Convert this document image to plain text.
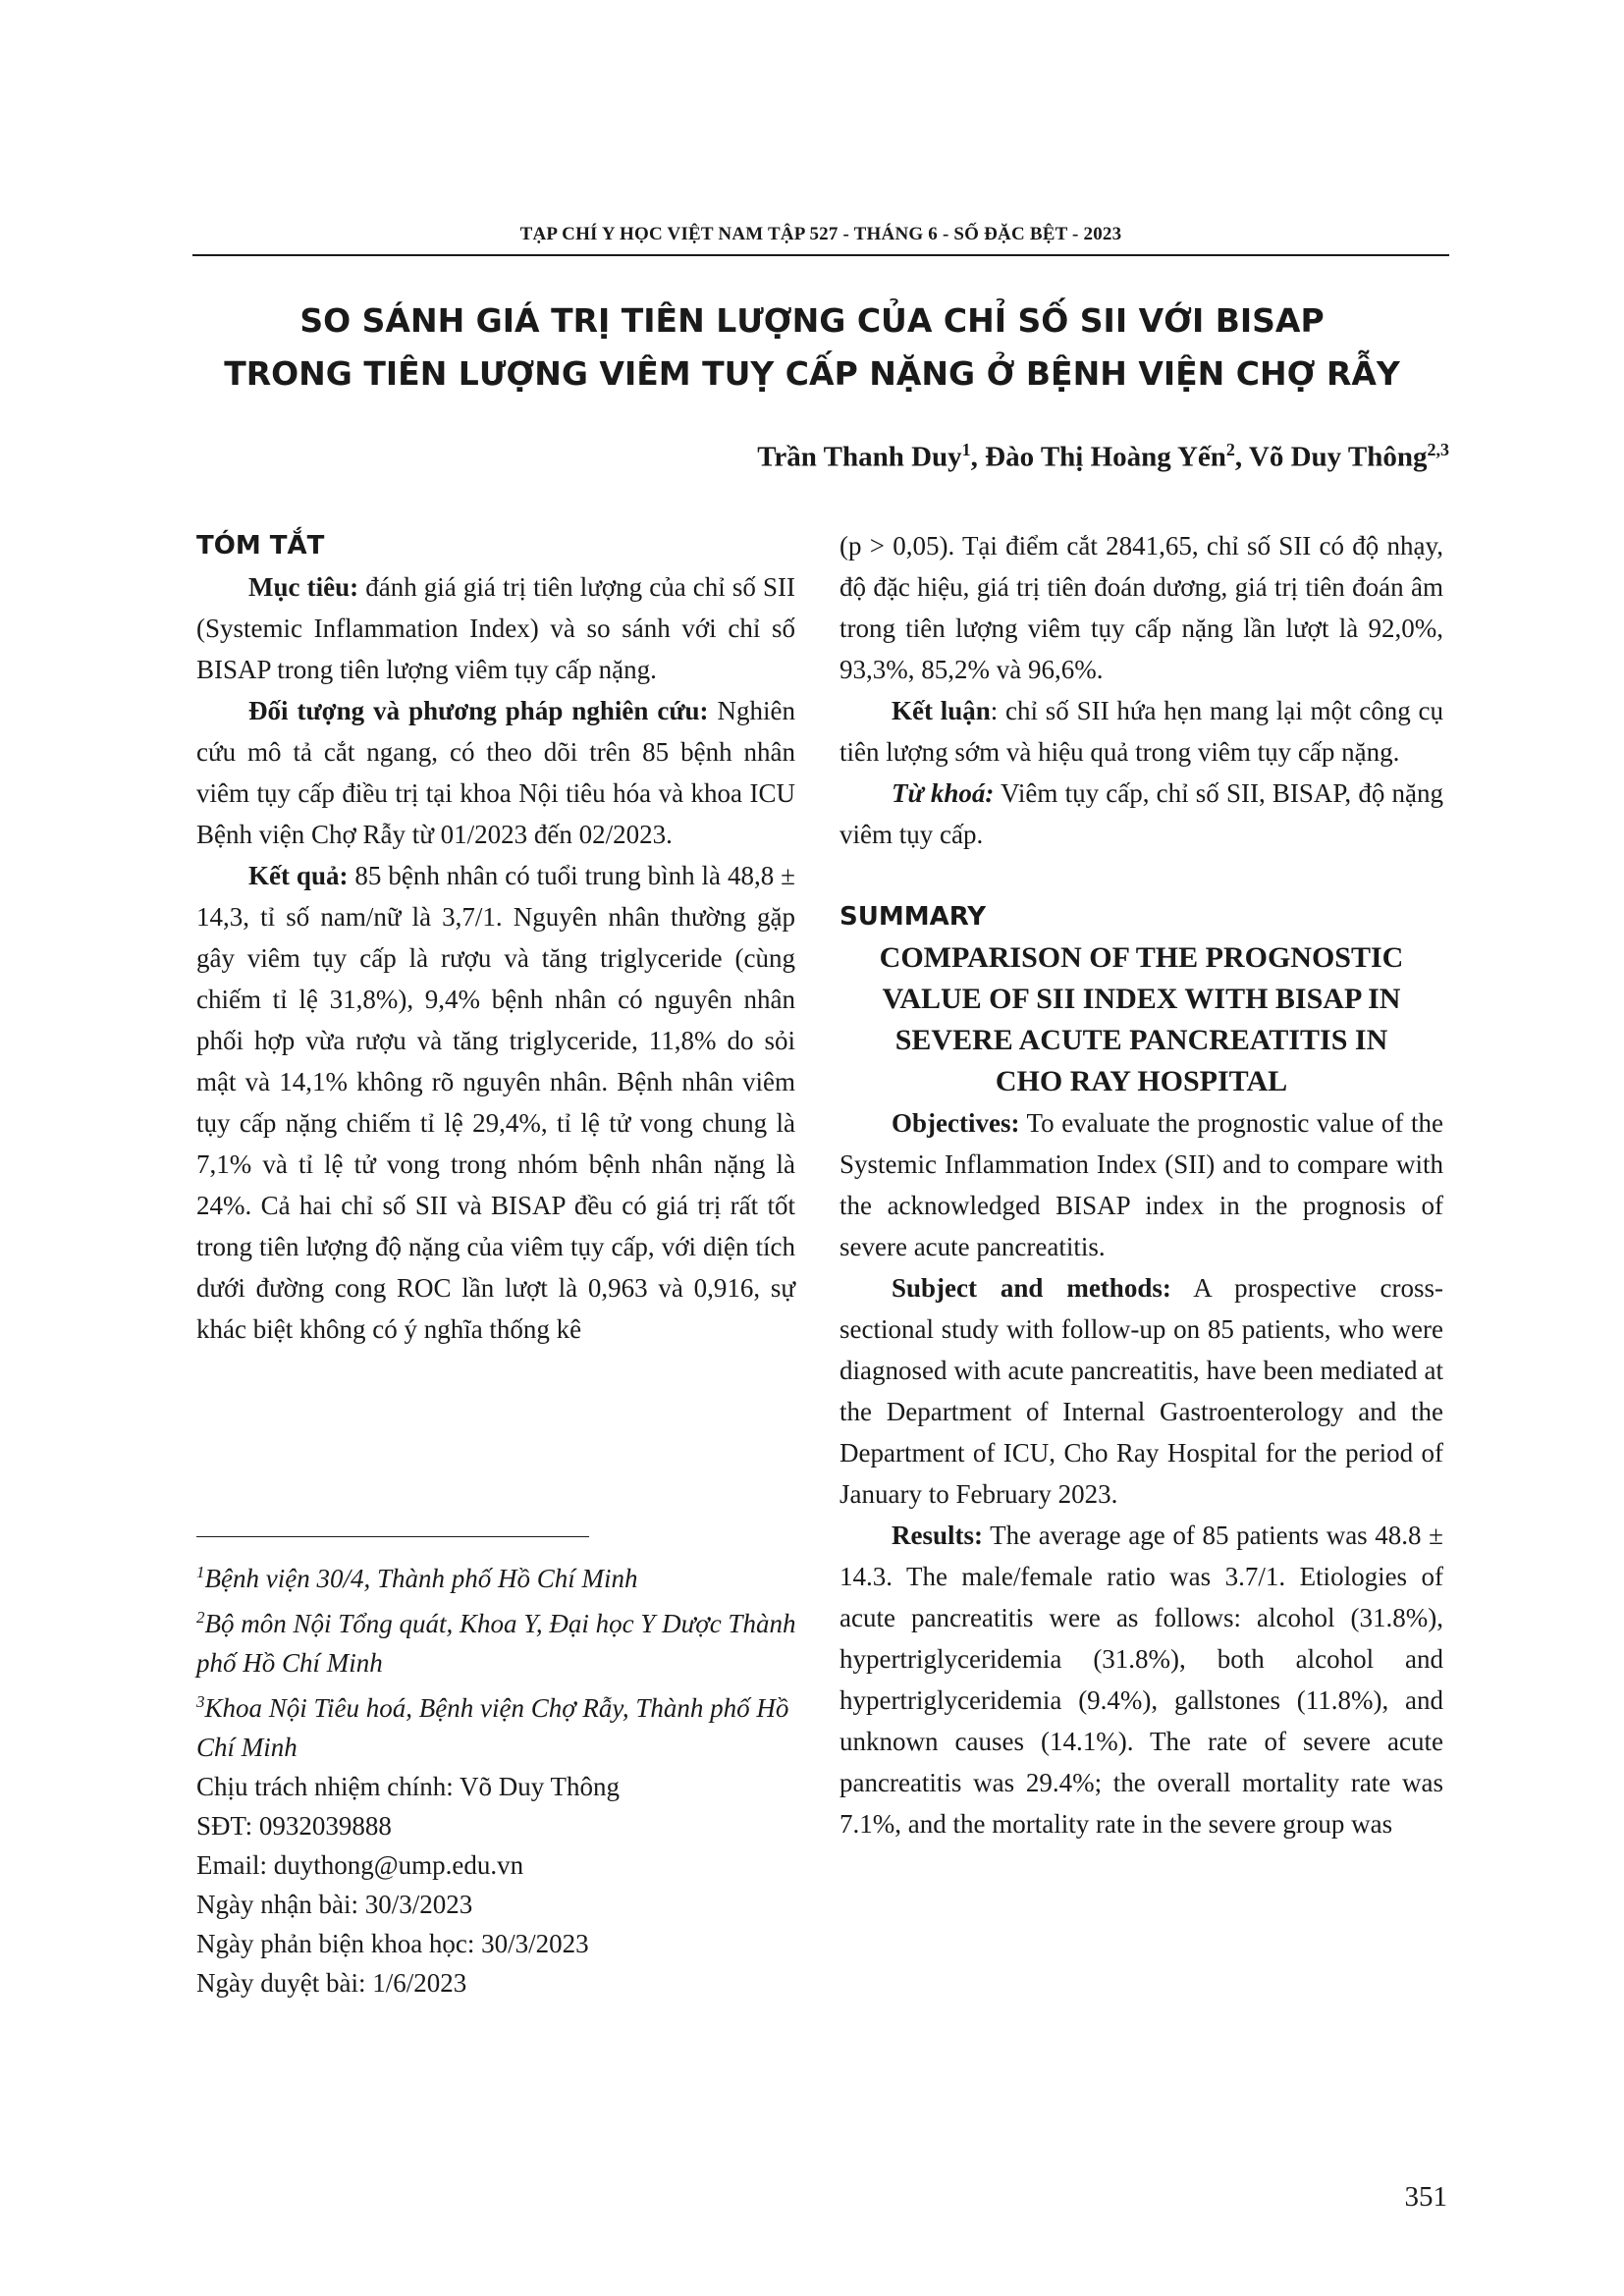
TẠP CHÍ Y HỌC VIỆT NAM TẬP 527 - THÁNG 6 - SỐ ĐẶC BỆT - 2023
SO SÁNH GIÁ TRỊ TIÊN LƯỢNG CỦA CHỈ SỐ SII VỚI BISAP
TRONG TIÊN LƯỢNG VIÊM TUỴ CẤP NẶNG Ở BỆNH VIỆN CHỢ RẪY
Trần Thanh Duy$^1$, Đào Thị Hoàng Yến$^2$, Võ Duy Thông$^{2,3}$

TÓM TẮT

Mục tiêu: đánh giá giá trị tiên lượng của chỉ số SII (Systemic Inflammation Index) và so sánh với chỉ số BISAP trong tiên lượng viêm tụy cấp nặng.

Đối tượng và phương pháp nghiên cứu: Nghiên cứu mô tả cắt ngang, có theo dõi trên 85 bệnh nhân viêm tụy cấp điều trị tại khoa Nội tiêu hóa và khoa ICU Bệnh viện Chợ Rẫy từ 01/2023 đến 02/2023.

Kết quả: 85 bệnh nhân có tuổi trung bình là 48,8 ± 14,3, tỉ số nam/nữ là 3,7/1. Nguyên nhân thường gặp gây viêm tụy cấp là rượu và tăng triglyceride (cùng chiếm tỉ lệ 31,8%), 9,4% bệnh nhân có nguyên nhân phối hợp vừa rượu và tăng triglyceride, 11,8% do sỏi mật và 14,1% không rõ nguyên nhân. Bệnh nhân viêm tụy cấp nặng chiếm tỉ lệ 29,4%, tỉ lệ tử vong chung là 7,1% và tỉ lệ tử vong trong nhóm bệnh nhân nặng là 24%. Cả hai chỉ số SII và BISAP đều có giá trị rất tốt trong tiên lượng độ nặng của viêm tụy cấp, với diện tích dưới đường cong ROC lần lượt là 0,963 và 0,916, sự khác biệt không có ý nghĩa thống kê

$^1$Bệnh viện 30/4, Thành phố Hồ Chí Minh

$^2$Bộ môn Nội Tổng quát, Khoa Y, Đại học Y Dược Thành phố Hồ Chí Minh

$^3$Khoa Nội Tiêu hoá, Bệnh viện Chợ Rẫy, Thành phố Hồ Chí Minh

Chịu trách nhiệm chính: Võ Duy Thông

SĐT: 0932039888

Email: duythong@ump.edu.vn

Ngày nhận bài: 30/3/2023

Ngày phản biện khoa học: 30/3/2023

Ngày duyệt bài: 1/6/2023

(p > 0,05). Tại điểm cắt 2841,65, chỉ số SII có độ nhạy, độ đặc hiệu, giá trị tiên đoán dương, giá trị tiên đoán âm trong tiên lượng viêm tụy cấp nặng lần lượt là 92,0%, 93,3%, 85,2% và 96,6%.

Kết luận: chỉ số SII hứa hẹn mang lại một công cụ tiên lượng sớm và hiệu quả trong viêm tụy cấp nặng.

Từ khoá: Viêm tụy cấp, chỉ số SII, BISAP, độ nặng viêm tụy cấp.

SUMMARY

COMPARISON OF THE PROGNOSTIC
VALUE OF SII INDEX WITH BISAP IN
SEVERE ACUTE PANCREATITIS IN
CHO RAY HOSPITAL

Objectives: To evaluate the prognostic value of the Systemic Inflammation Index (SII) and to compare with the acknowledged BISAP index in the prognosis of severe acute pancreatitis.

Subject and methods: A prospective cross-sectional study with follow-up on 85 patients, who were diagnosed with acute pancreatitis, have been mediated at the Department of Internal Gastroenterology and the Department of ICU, Cho Ray Hospital for the period of January to February 2023.

Results: The average age of 85 patients was 48.8 ± 14.3. The male/female ratio was 3.7/1. Etiologies of acute pancreatitis were as follows: alcohol (31.8%), hypertriglyceridemia (31.8%), both alcohol and hypertriglyceridemia (9.4%), gallstones (11.8%), and unknown causes (14.1%). The rate of severe acute pancreatitis was 29.4%; the overall mortality rate was 7.1%, and the mortality rate in the severe group was

351
